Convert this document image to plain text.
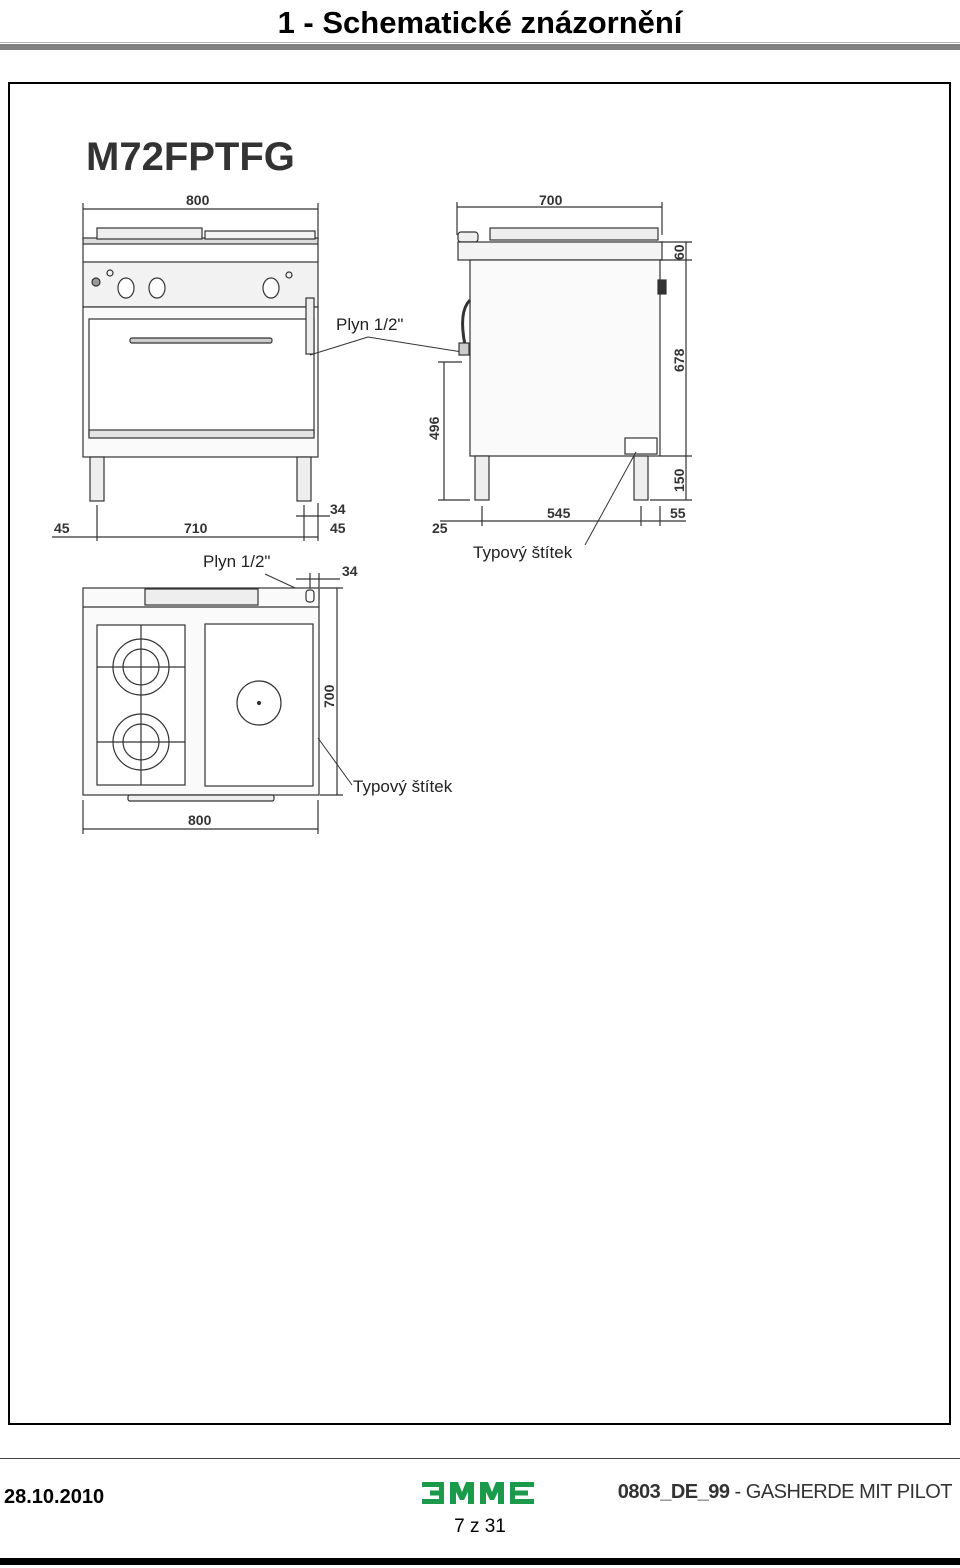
1 - Schematické znázornění
M72FPTFG
800
45	710
34
45
Plyn 1/2"
700
60
678
496
150
25
545	55
Typový štítek
Plyn 1/2"	34
700
800
Typový štítek
28.10.2010	0803_DE_99 - GASHERDE MIT PILOT
7 z 31
